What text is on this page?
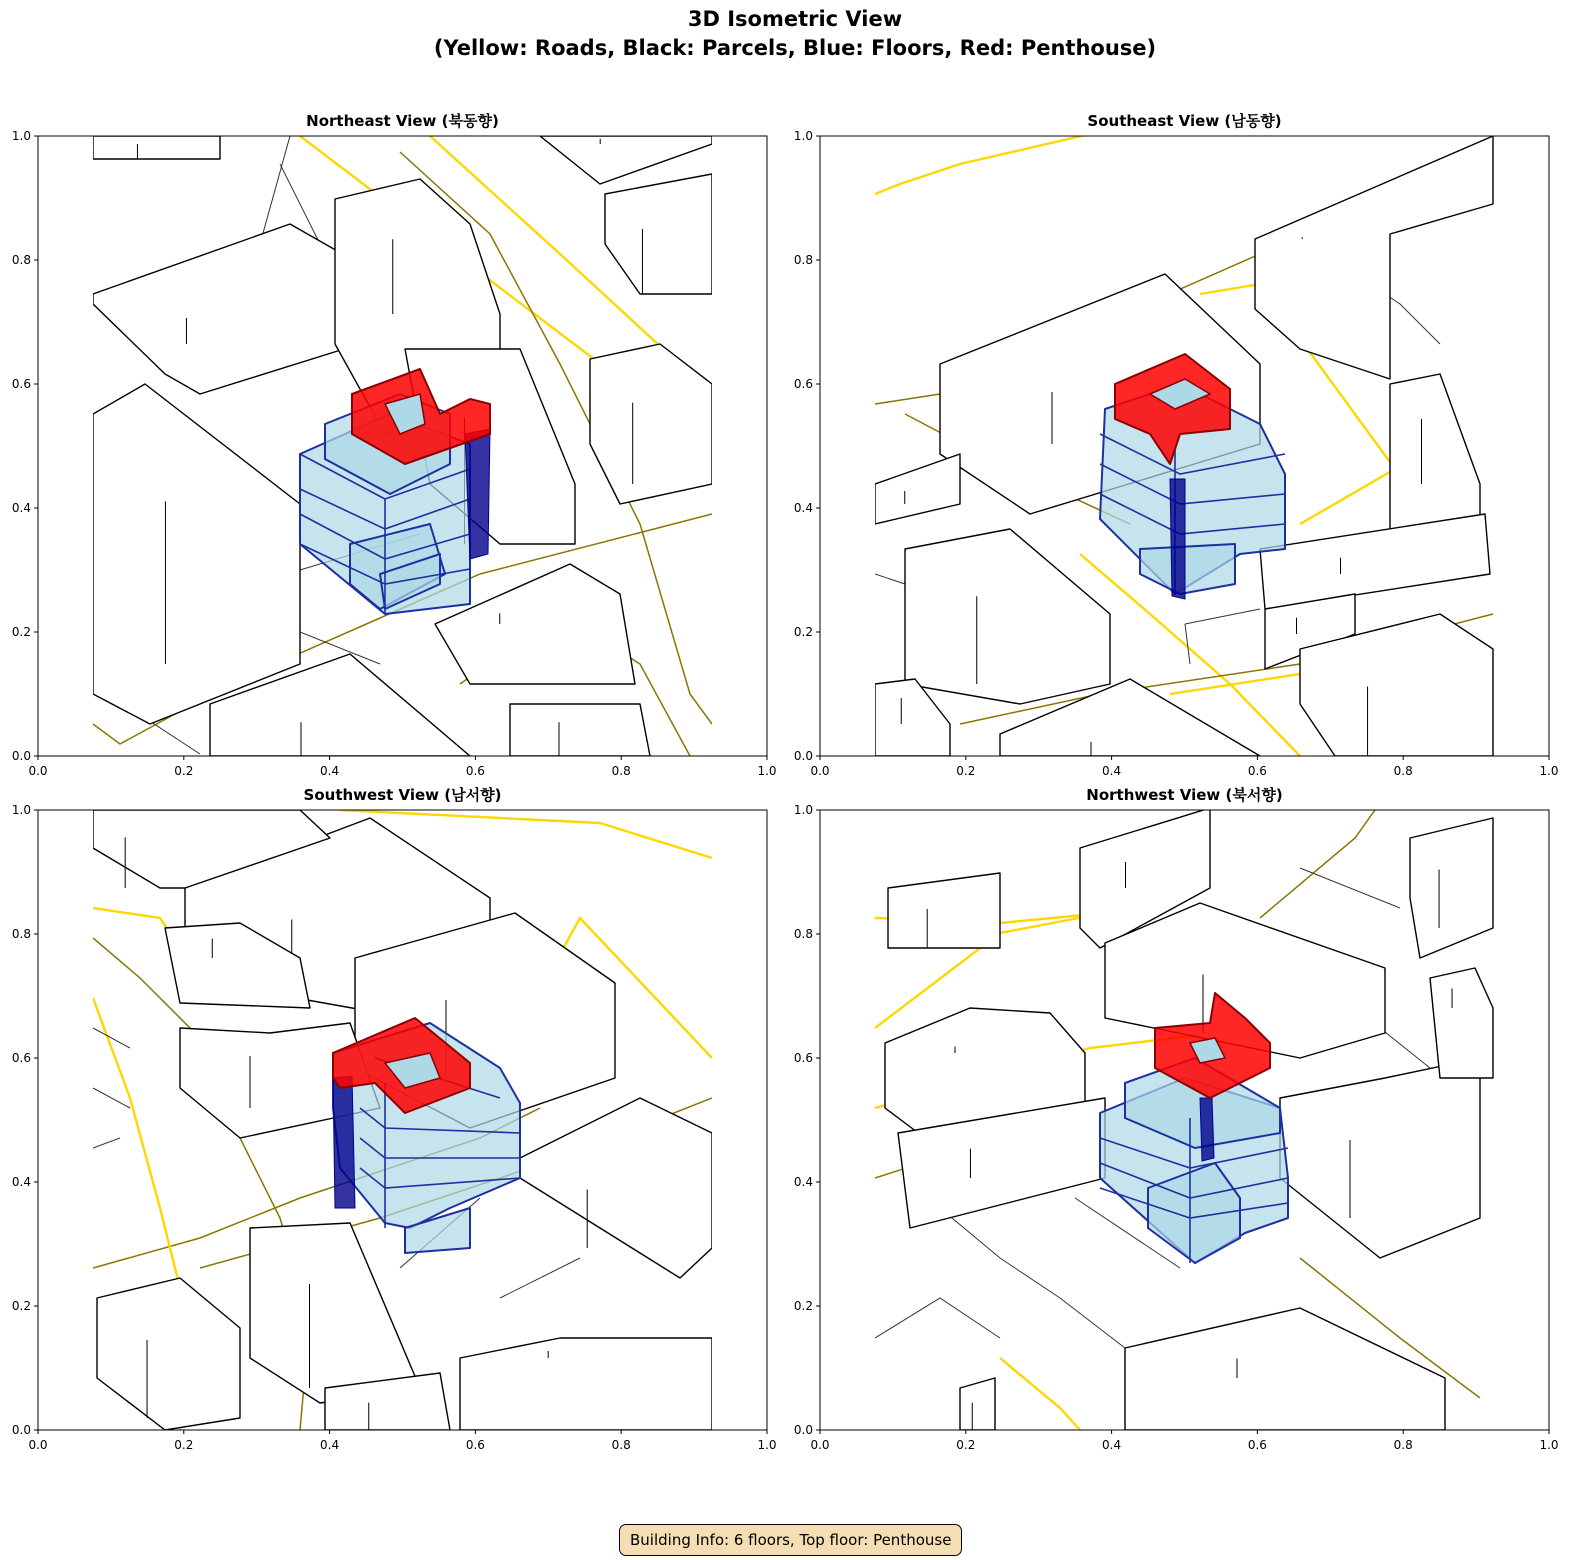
3D Isometric View
(Yellow: Roads, Black: Parcels, Blue: Floors, Red: Penthouse)
0.0	0.2	0.4	0.6	0.8	1.0
0.0
0.2
0.4
0.6
0.8
1.0
Northeast View (북동향)
0.0	0.2	0.4	0.6	0.8	1.0
0.0
0.2
0.4
0.6
0.8
1.0
Southeast View (남동향)
0.0	0.2	0.4	0.6	0.8	1.0
0.0
0.2
0.4
0.6
0.8
1.0
Southwest View (남서향)
0.0	0.2	0.4	0.6	0.8	1.0
0.0
0.2
0.4
0.6
0.8
1.0
Northwest View (북서향)
Building Info: 6 floors, Top floor: Penthouse
